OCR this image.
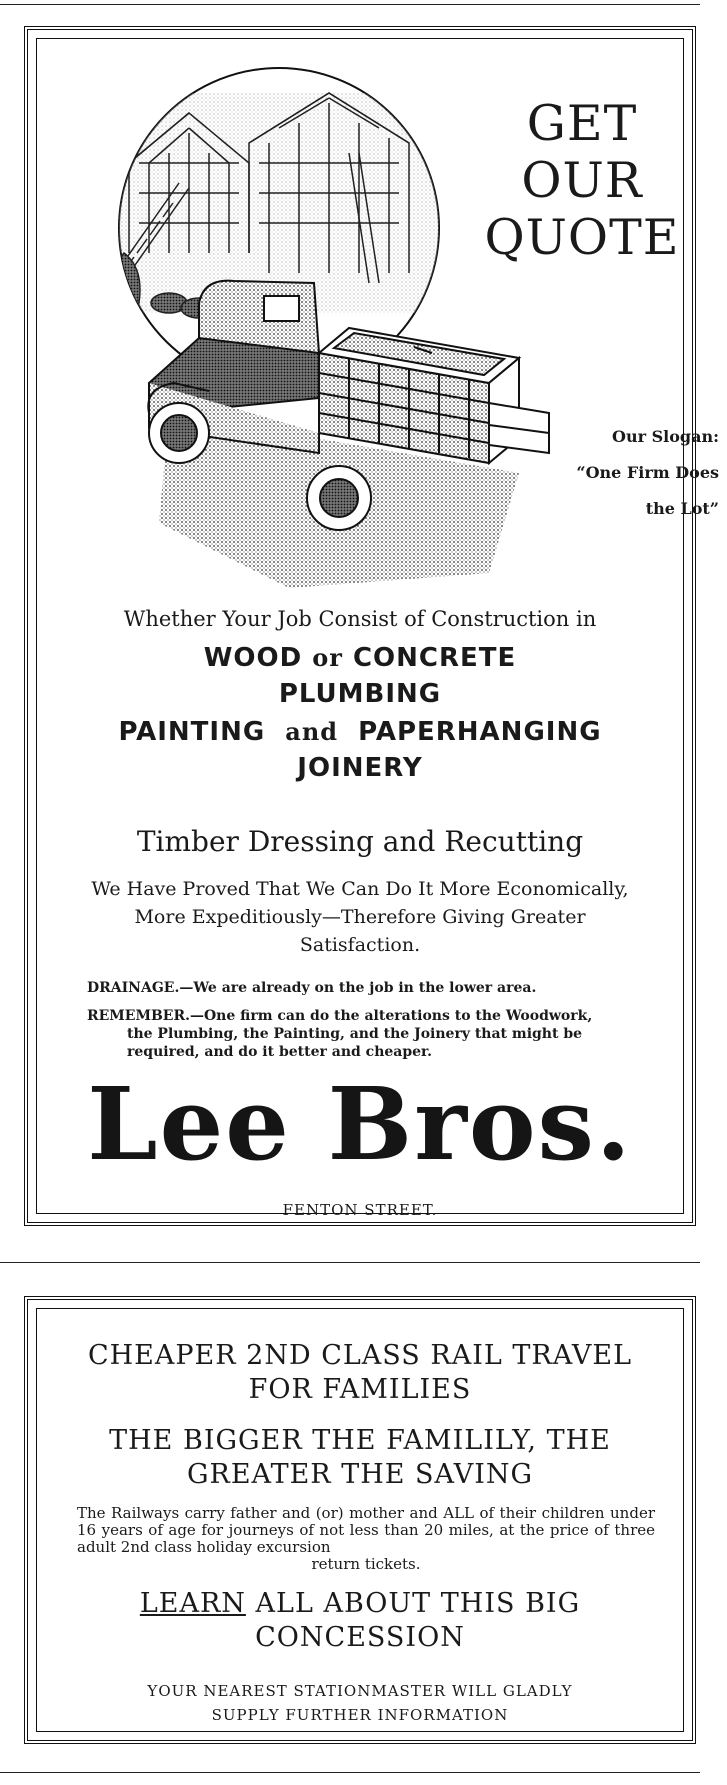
GET
OUR
QUOTE
Our Slogan:
“One Firm Does
the Lot”
Whether Your Job Consist of Construction in
WOOD or CONCRETE
PLUMBING
PAINTING and PAPERHANGING
JOINERY
Timber Dressing and Recutting
We Have Proved That We Can Do It More Economically,
More Expeditiously—Therefore Giving Greater
Satisfaction.
DRAINAGE.—We are already on the job in the lower area.
REMEMBER.—One firm can do the alterations to the Woodwork,
the Plumbing, the Painting, and the Joinery that might be
required, and do it better and cheaper.
Lee Bros.
FENTON STREET.
CHEAPER 2ND CLASS RAIL TRAVEL
FOR FAMILIES
THE BIGGER THE FAMILILY, THE
GREATER THE SAVING
The Railways carry father and (or) mother and ALL of their children under 16 years of age for journeys of not less than 20 miles, at the price of three adult 2nd class holiday excursion
return tickets.
LEARN ALL ABOUT THIS BIG
CONCESSION
YOUR NEAREST STATIONMASTER WILL GLADLY
SUPPLY FURTHER INFORMATION
